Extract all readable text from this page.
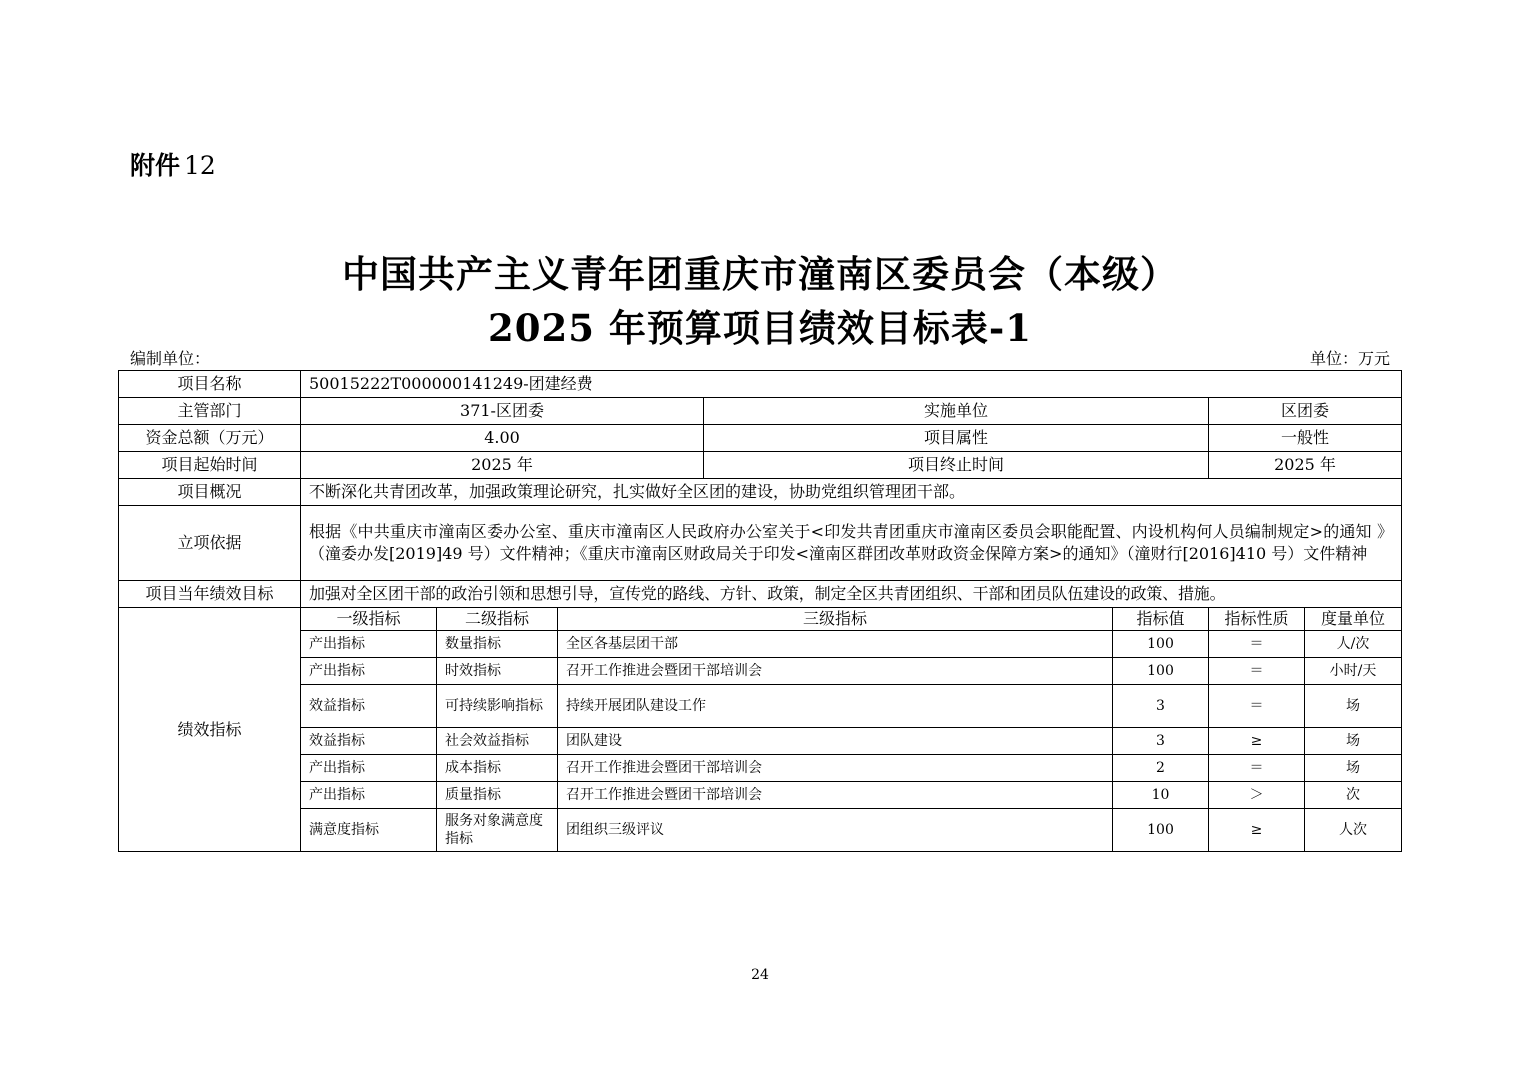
附件 12
中国共产主义青年团重庆市潼南区委员会（本级）
2025 年预算项目绩效目标表-1
编制单位：	单位：万元
项目名称	50015222T000000141249-团建经费						
主管部门	371-区团委			实施单位		区团委	
资金总额（万元）	4.00			项目属性		一般性	
项目起始时间	2025 年			项目终止时间		2025 年	
项目概况	不断深化共青团改革，加强政策理论研究，扎实做好全区团的建设，协助党组织管理团干部。						
立项依据	根据《中共重庆市潼南区委办公室、重庆市潼南区人民政府办公室关于<印发共青团重庆市潼南区委员会职能配置、内设机构何人员编制规定>的通知 》（潼委办发[2019]49 号）文件精神；《重庆市潼南区财政局关于印发<潼南区群团改革财政资金保障方案>的通知》（潼财行[2016]410 号）文件精神						
项目当年绩效目标	加强对全区团干部的政治引领和思想引导，宣传党的路线、方针、政策，制定全区共青团组织、干部和团员队伍建设的政策、措施。						
绩效指标	一级指标	二级指标	三级指标		指标值	指标性质	度量单位
	产出指标	数量指标	全区各基层团干部		100	＝	人/次
	产出指标	时效指标	召开工作推进会暨团干部培训会		100	＝	小时/天
	效益指标	可持续影响指标	持续开展团队建设工作		3	＝	场
	效益指标	社会效益指标	团队建设		3	≥	场
	产出指标	成本指标	召开工作推进会暨团干部培训会		2	＝	场
	产出指标	质量指标	召开工作推进会暨团干部培训会		10	＞	次
	满意度指标	服务对象满意度指标	团组织三级评议		100	≥	人次
24
